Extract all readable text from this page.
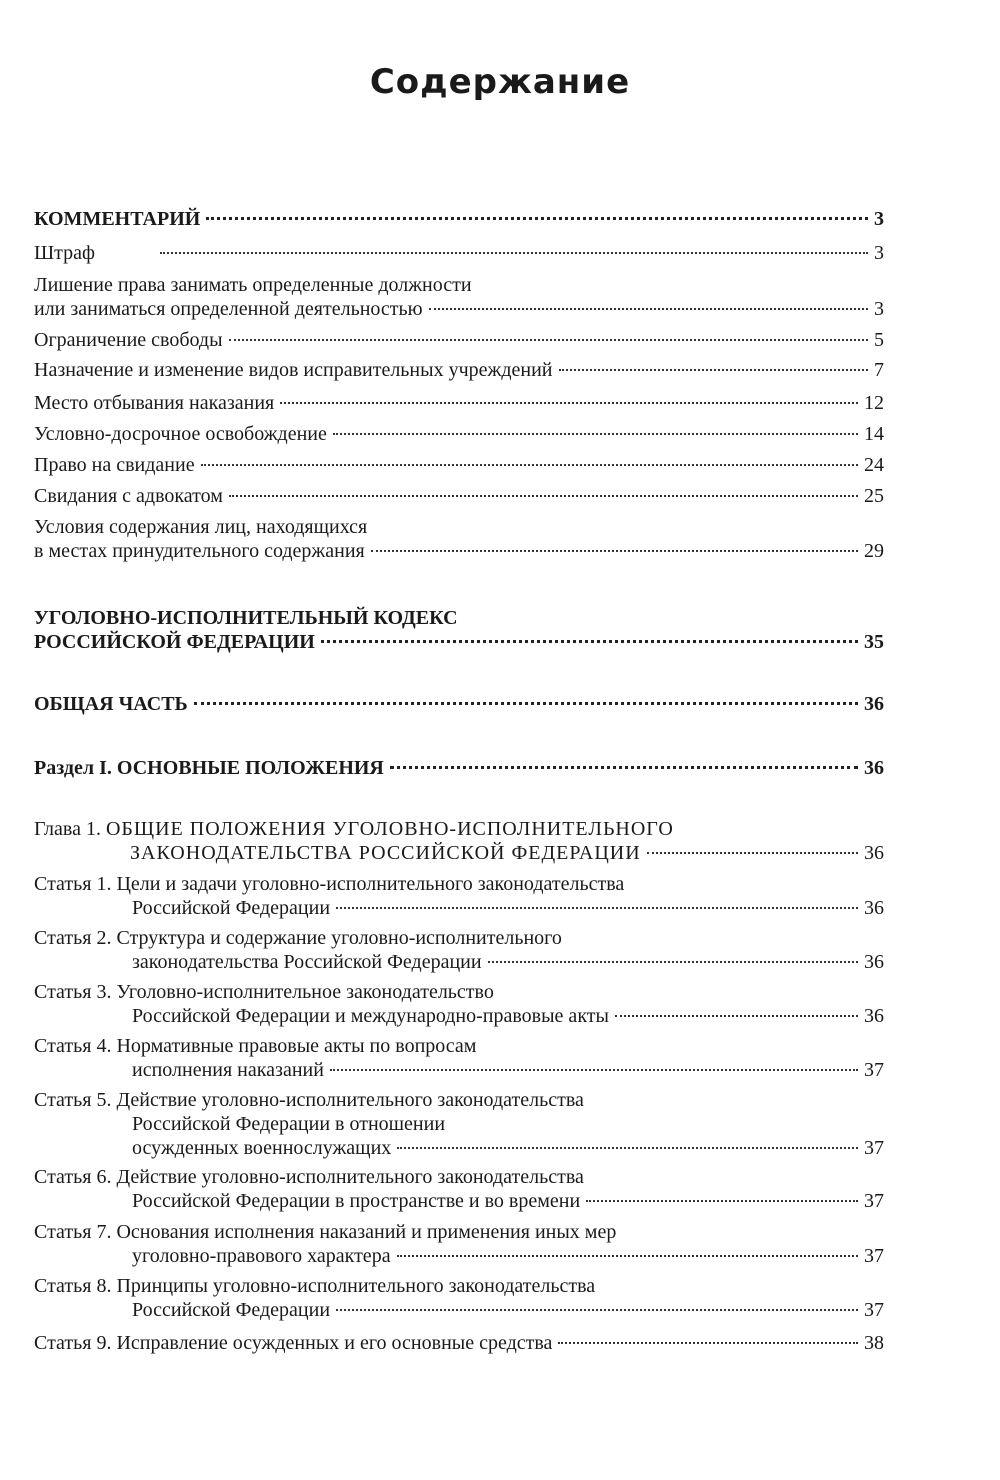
Содержание
КОММЕНТАРИЙ	3
Штраф	3
Лишение права занимать определенные должности
или заниматься определенной деятельностью	3
Ограничение свободы	5
Назначение и изменение видов исправительных учреждений	7
Место отбывания наказания	12
Условно-досрочное освобождение	14
Право на свидание	24
Свидания с адвокатом	25
Условия содержания лиц, находящихся
в местах принудительного содержания	29
УГОЛОВНО-ИСПОЛНИТЕЛЬНЫЙ КОДЕКС
РОССИЙСКОЙ ФЕДЕРАЦИИ	35
ОБЩАЯ ЧАСТЬ	36
Раздел I. ОСНОВНЫЕ ПОЛОЖЕНИЯ	36
Глава 1. ОБЩИЕ ПОЛОЖЕНИЯ УГОЛОВНО-ИСПОЛНИТЕЛЬНОГО
ЗАКОНОДАТЕЛЬСТВА РОССИЙСКОЙ ФЕДЕРАЦИИ	36
Статья 1. Цели и задачи уголовно-исполнительного законодательства
Российской Федерации	36
Статья 2. Структура и содержание уголовно-исполнительного
законодательства Российской Федерации	36
Статья 3. Уголовно-исполнительное законодательство
Российской Федерации и международно-правовые акты	36
Статья 4. Нормативные правовые акты по вопросам
исполнения наказаний	37
Статья 5. Действие уголовно-исполнительного законодательства
Российской Федерации в отношении
осужденных военнослужащих	37
Статья 6. Действие уголовно-исполнительного законодательства
Российской Федерации в пространстве и во времени	37
Статья 7. Основания исполнения наказаний и применения иных мер
уголовно-правового характера	37
Статья 8. Принципы уголовно-исполнительного законодательства
Российской Федерации	37
Статья 9. Исправление осужденных и его основные средства	38
